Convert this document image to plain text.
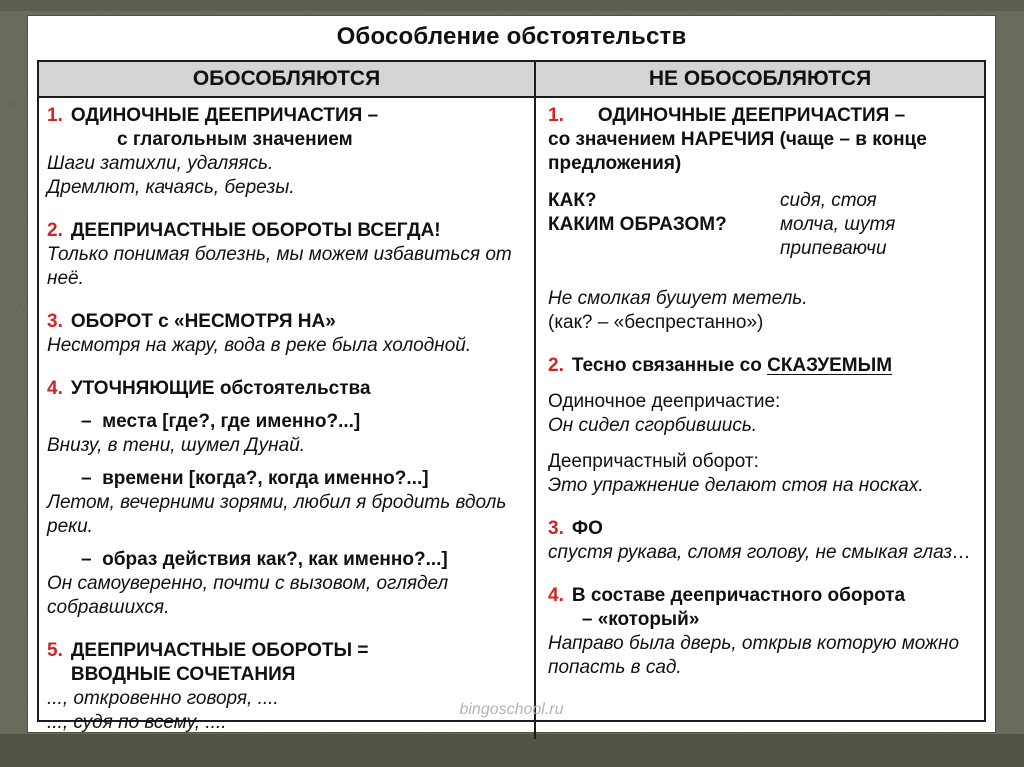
Обособление обстоятельств
ОБОСОБЛЯЮТСЯ	НЕ ОБОСОБЛЯЮТСЯ

1. ОДИНОЧНЫЕ ДЕЕПРИЧАСТИЯ –

с глагольным значением

Шаги затихли, удаляясь.

Дремлют, качаясь, березы.

2. ДЕЕПРИЧАСТНЫЕ ОБОРОТЫ ВСЕГДА!

Только понимая болезнь, мы можем избавиться от неё.

3. ОБОРОТ с «НЕСМОТРЯ НА»

Несмотря на жару, вода в реке была холодной.

4. УТОЧНЯЮЩИЕ обстоятельства

–  места [где?, где именно?...]

Внизу, в тени, шумел Дунай.

–  времени [когда?, когда именно?...]

Летом, вечерними зорями, любил я бродить вдоль реки.

–  образ действия как?, как именно?...]

Он самоуверенно, почти с вызовом, оглядел собравшихся.

5. ДЕЕПРИЧАСТНЫЕ ОБОРОТЫ =
ВВОДНЫЕ СОЧЕТАНИЯ

..., откровенно говоря, ....

..., судя по всему, ....

1. ОДИНОЧНЫЕ ДЕЕПРИЧАСТИЯ –

со значением НАРЕЧИЯ (чаще – в конце предложения)

КАК?
КАКИМ ОБРАЗОМ?
сидя, стоя
молча, шутя
припеваючи

Не смолкая бушует метель.

(как? – «беспрестанно»)

2. Тесно связанные со СКАЗУЕМЫМ

Одиночное деепричастие:

Он сидел сгорбившись.

Деепричастный оборот:

Это упражнение делают стоя на носках.

3. ФО

спустя рукава, сломя голову, не смыкая глаз…

4. В составе деепричастного оборота
– «который»

Направо была дверь, открыв которую можно попасть в сад.

bingoschool.ru
